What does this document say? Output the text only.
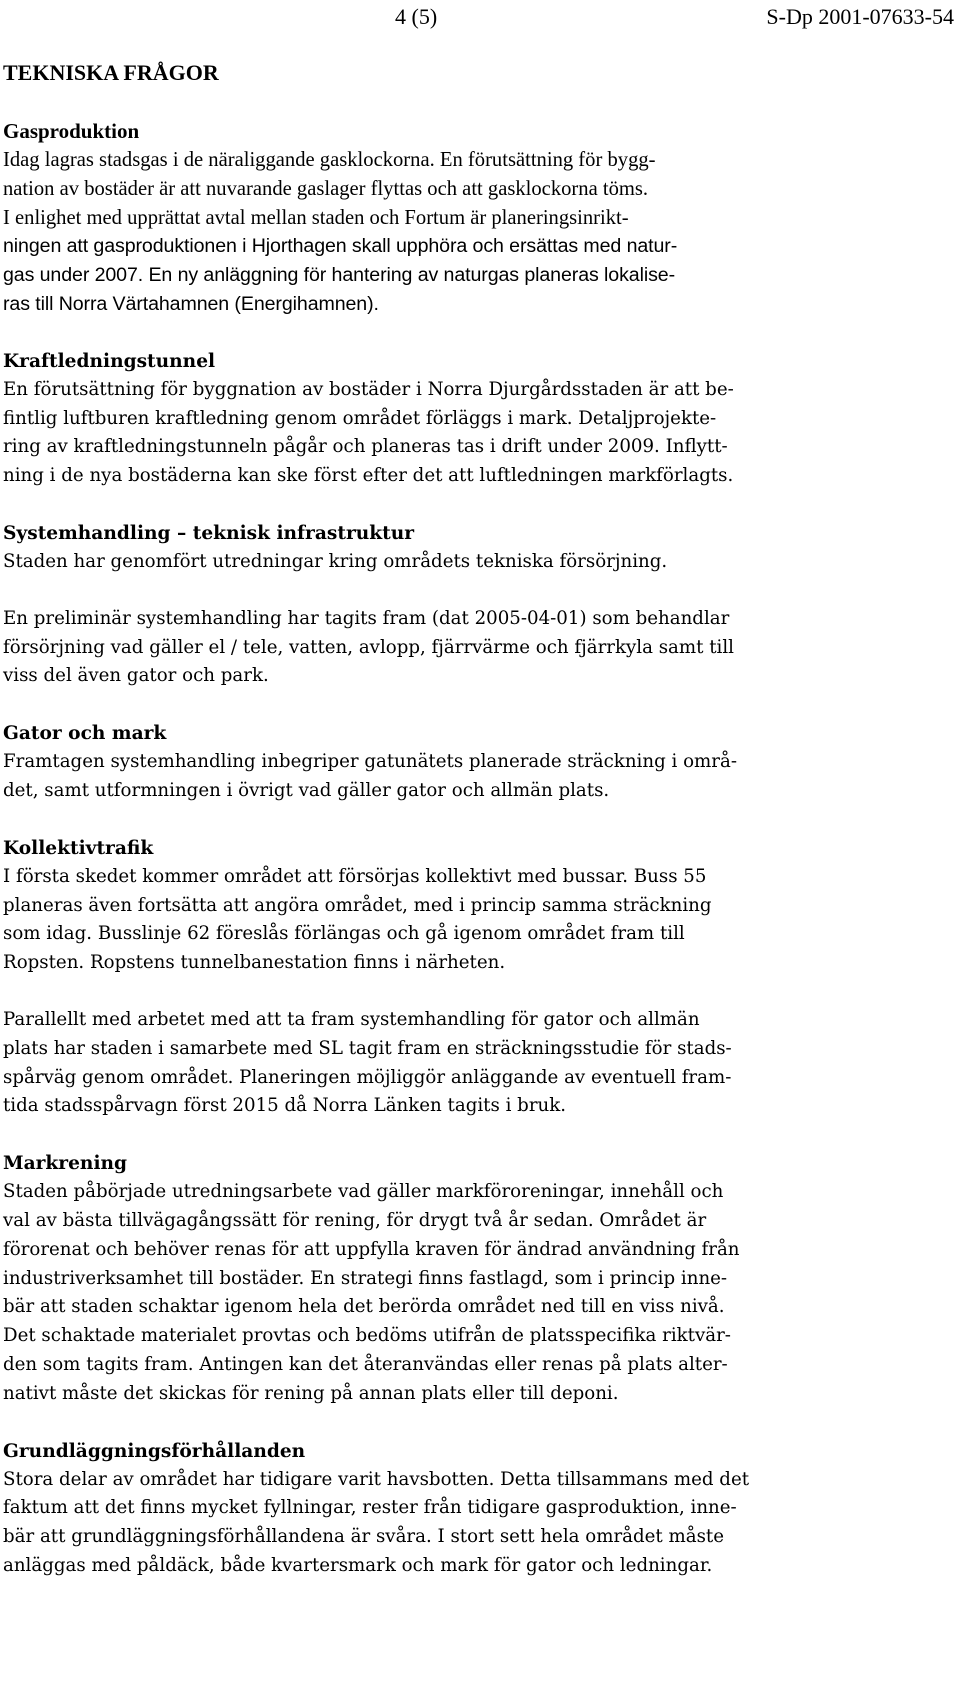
4 (5)	S-Dp 2001-07633-54
TEKNISKA FRÅGOR
Gasproduktion

Idag lagras stadsgas i de näraliggande gasklockorna. En förutsättning för bygg-
nation av bostäder är att nuvarande gaslager flyttas och att gasklockorna töms.
I enlighet med upprättat avtal mellan staden och Fortum är planeringsinrikt-
ningen att gasproduktionen i Hjorthagen skall upphöra och ersättas med natur-
gas under 2007. En ny anläggning för hantering av naturgas planeras lokalise-
ras till Norra Värtahamnen (Energihamnen).

Kraftledningstunnel

En förutsättning för byggnation av bostäder i Norra Djurgårdsstaden är att be-
fintlig luftburen kraftledning genom området förläggs i mark. Detaljprojekte-
ring av kraftledningstunneln pågår och planeras tas i drift under 2009. Inflytt-
ning i de nya bostäderna kan ske först efter det att luftledningen markförlagts.

Systemhandling – teknisk infrastruktur

Staden har genomfört utredningar kring områdets tekniska försörjning.

En preliminär systemhandling har tagits fram (dat 2005-04-01) som behandlar
försörjning vad gäller el / tele, vatten, avlopp, fjärrvärme och fjärrkyla samt till
viss del även gator och park.

Gator och mark

Framtagen systemhandling inbegriper gatunätets planerade sträckning i områ-
det, samt utformningen i övrigt vad gäller gator och allmän plats.

Kollektivtrafik

I första skedet kommer området att försörjas kollektivt med bussar. Buss 55
planeras även fortsätta att angöra området, med i princip samma sträckning
som idag. Busslinje 62 föreslås förlängas och gå igenom området fram till
Ropsten. Ropstens tunnelbanestation finns i närheten.

Parallellt med arbetet med att ta fram systemhandling för gator och allmän
plats har staden i samarbete med SL tagit fram en sträckningsstudie för stads-
spårväg genom området. Planeringen möjliggör anläggande av eventuell fram-
tida stadsspårvagn först 2015 då Norra Länken tagits i bruk.

Markrening

Staden påbörjade utredningsarbete vad gäller markföroreningar, innehåll och
val av bästa tillvägagångssätt för rening, för drygt två år sedan. Området är
förorenat och behöver renas för att uppfylla kraven för ändrad användning från
industriverksamhet till bostäder. En strategi finns fastlagd, som i princip inne-
bär att staden schaktar igenom hela det berörda området ned till en viss nivå.
Det schaktade materialet provtas och bedöms utifrån de platsspecifika riktvär-
den som tagits fram. Antingen kan det återanvändas eller renas på plats alter-
nativt måste det skickas för rening på annan plats eller till deponi.

Grundläggningsförhållanden

Stora delar av området har tidigare varit havsbotten. Detta tillsammans med det
faktum att det finns mycket fyllningar, rester från tidigare gasproduktion, inne-
bär att grundläggningsförhållandena är svåra. I stort sett hela området måste
anläggas med påldäck, både kvartersmark och mark för gator och ledningar.
